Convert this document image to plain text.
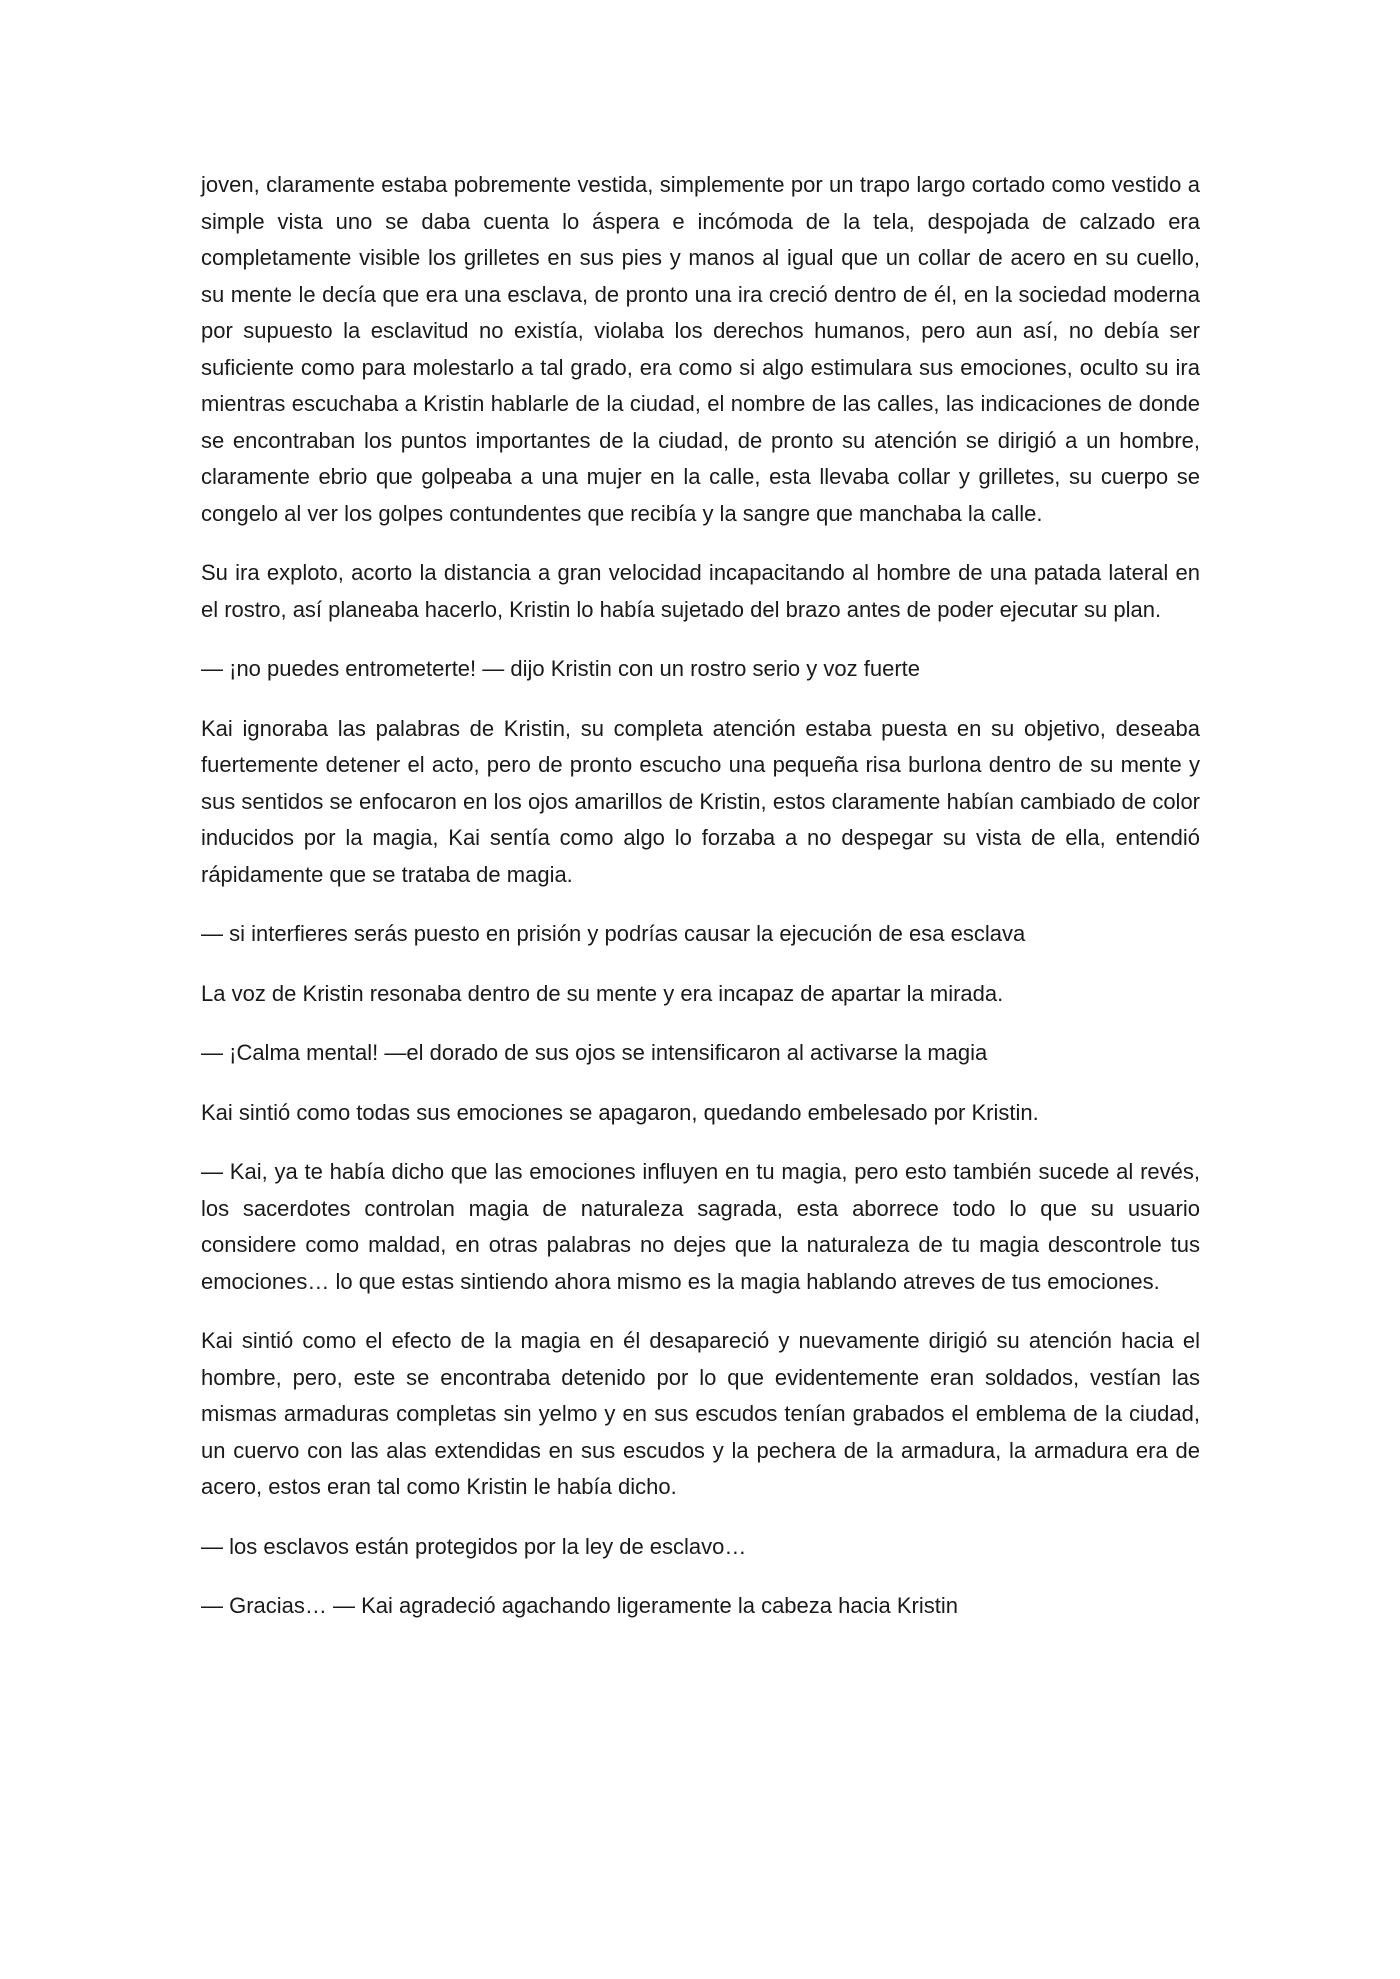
joven, claramente estaba pobremente vestida, simplemente por un trapo largo cortado como vestido a simple vista uno se daba cuenta lo áspera e incómoda de la tela, despojada de calzado era completamente visible los grilletes en sus pies y manos al igual que un collar de acero en su cuello, su mente le decía que era una esclava, de pronto una ira creció dentro de él, en la sociedad moderna por supuesto la esclavitud no existía, violaba los derechos humanos, pero aun así, no debía ser suficiente como para molestarlo a tal grado, era como si algo estimulara sus emociones, oculto su ira mientras escuchaba a Kristin hablarle de la ciudad, el nombre de las calles, las indicaciones de donde se encontraban los puntos importantes de la ciudad, de pronto su atención se dirigió a un hombre, claramente ebrio que golpeaba a una mujer en la calle, esta llevaba collar y grilletes, su cuerpo se congelo al ver los golpes contundentes que recibía y la sangre que manchaba la calle.

Su ira exploto, acorto la distancia a gran velocidad incapacitando al hombre de una patada lateral en el rostro, así planeaba hacerlo, Kristin lo había sujetado del brazo antes de poder ejecutar su plan.

— ¡no puedes entrometerte! — dijo Kristin con un rostro serio y voz fuerte

Kai ignoraba las palabras de Kristin, su completa atención estaba puesta en su objetivo, deseaba fuertemente detener el acto, pero de pronto escucho una pequeña risa burlona dentro de su mente y sus sentidos se enfocaron en los ojos amarillos de Kristin, estos claramente habían cambiado de color inducidos por la magia, Kai sentía como algo lo forzaba a no despegar su vista de ella, entendió rápidamente que se trataba de magia.

— si interfieres serás puesto en prisión y podrías causar la ejecución de esa esclava

La voz de Kristin resonaba dentro de su mente y era incapaz de apartar la mirada.

— ¡Calma mental! —el dorado de sus ojos se intensificaron al activarse la magia

Kai sintió como todas sus emociones se apagaron, quedando embelesado por Kristin.

— Kai, ya te había dicho que las emociones influyen en tu magia, pero esto también sucede al revés, los sacerdotes controlan magia de naturaleza sagrada, esta aborrece todo lo que su usuario considere como maldad, en otras palabras no dejes que la naturaleza de tu magia descontrole tus emociones… lo que estas sintiendo ahora mismo es la magia hablando atreves de tus emociones.

Kai sintió como el efecto de la magia en él desapareció y nuevamente dirigió su atención hacia el hombre, pero, este se encontraba detenido por lo que evidentemente eran soldados, vestían las mismas armaduras completas sin yelmo y en sus escudos tenían grabados el emblema de la ciudad, un cuervo con las alas extendidas en sus escudos y la pechera de la armadura, la armadura era de acero, estos eran tal como Kristin le había dicho.

— los esclavos están protegidos por la ley de esclavo…

— Gracias… — Kai agradeció agachando ligeramente la cabeza hacia Kristin
